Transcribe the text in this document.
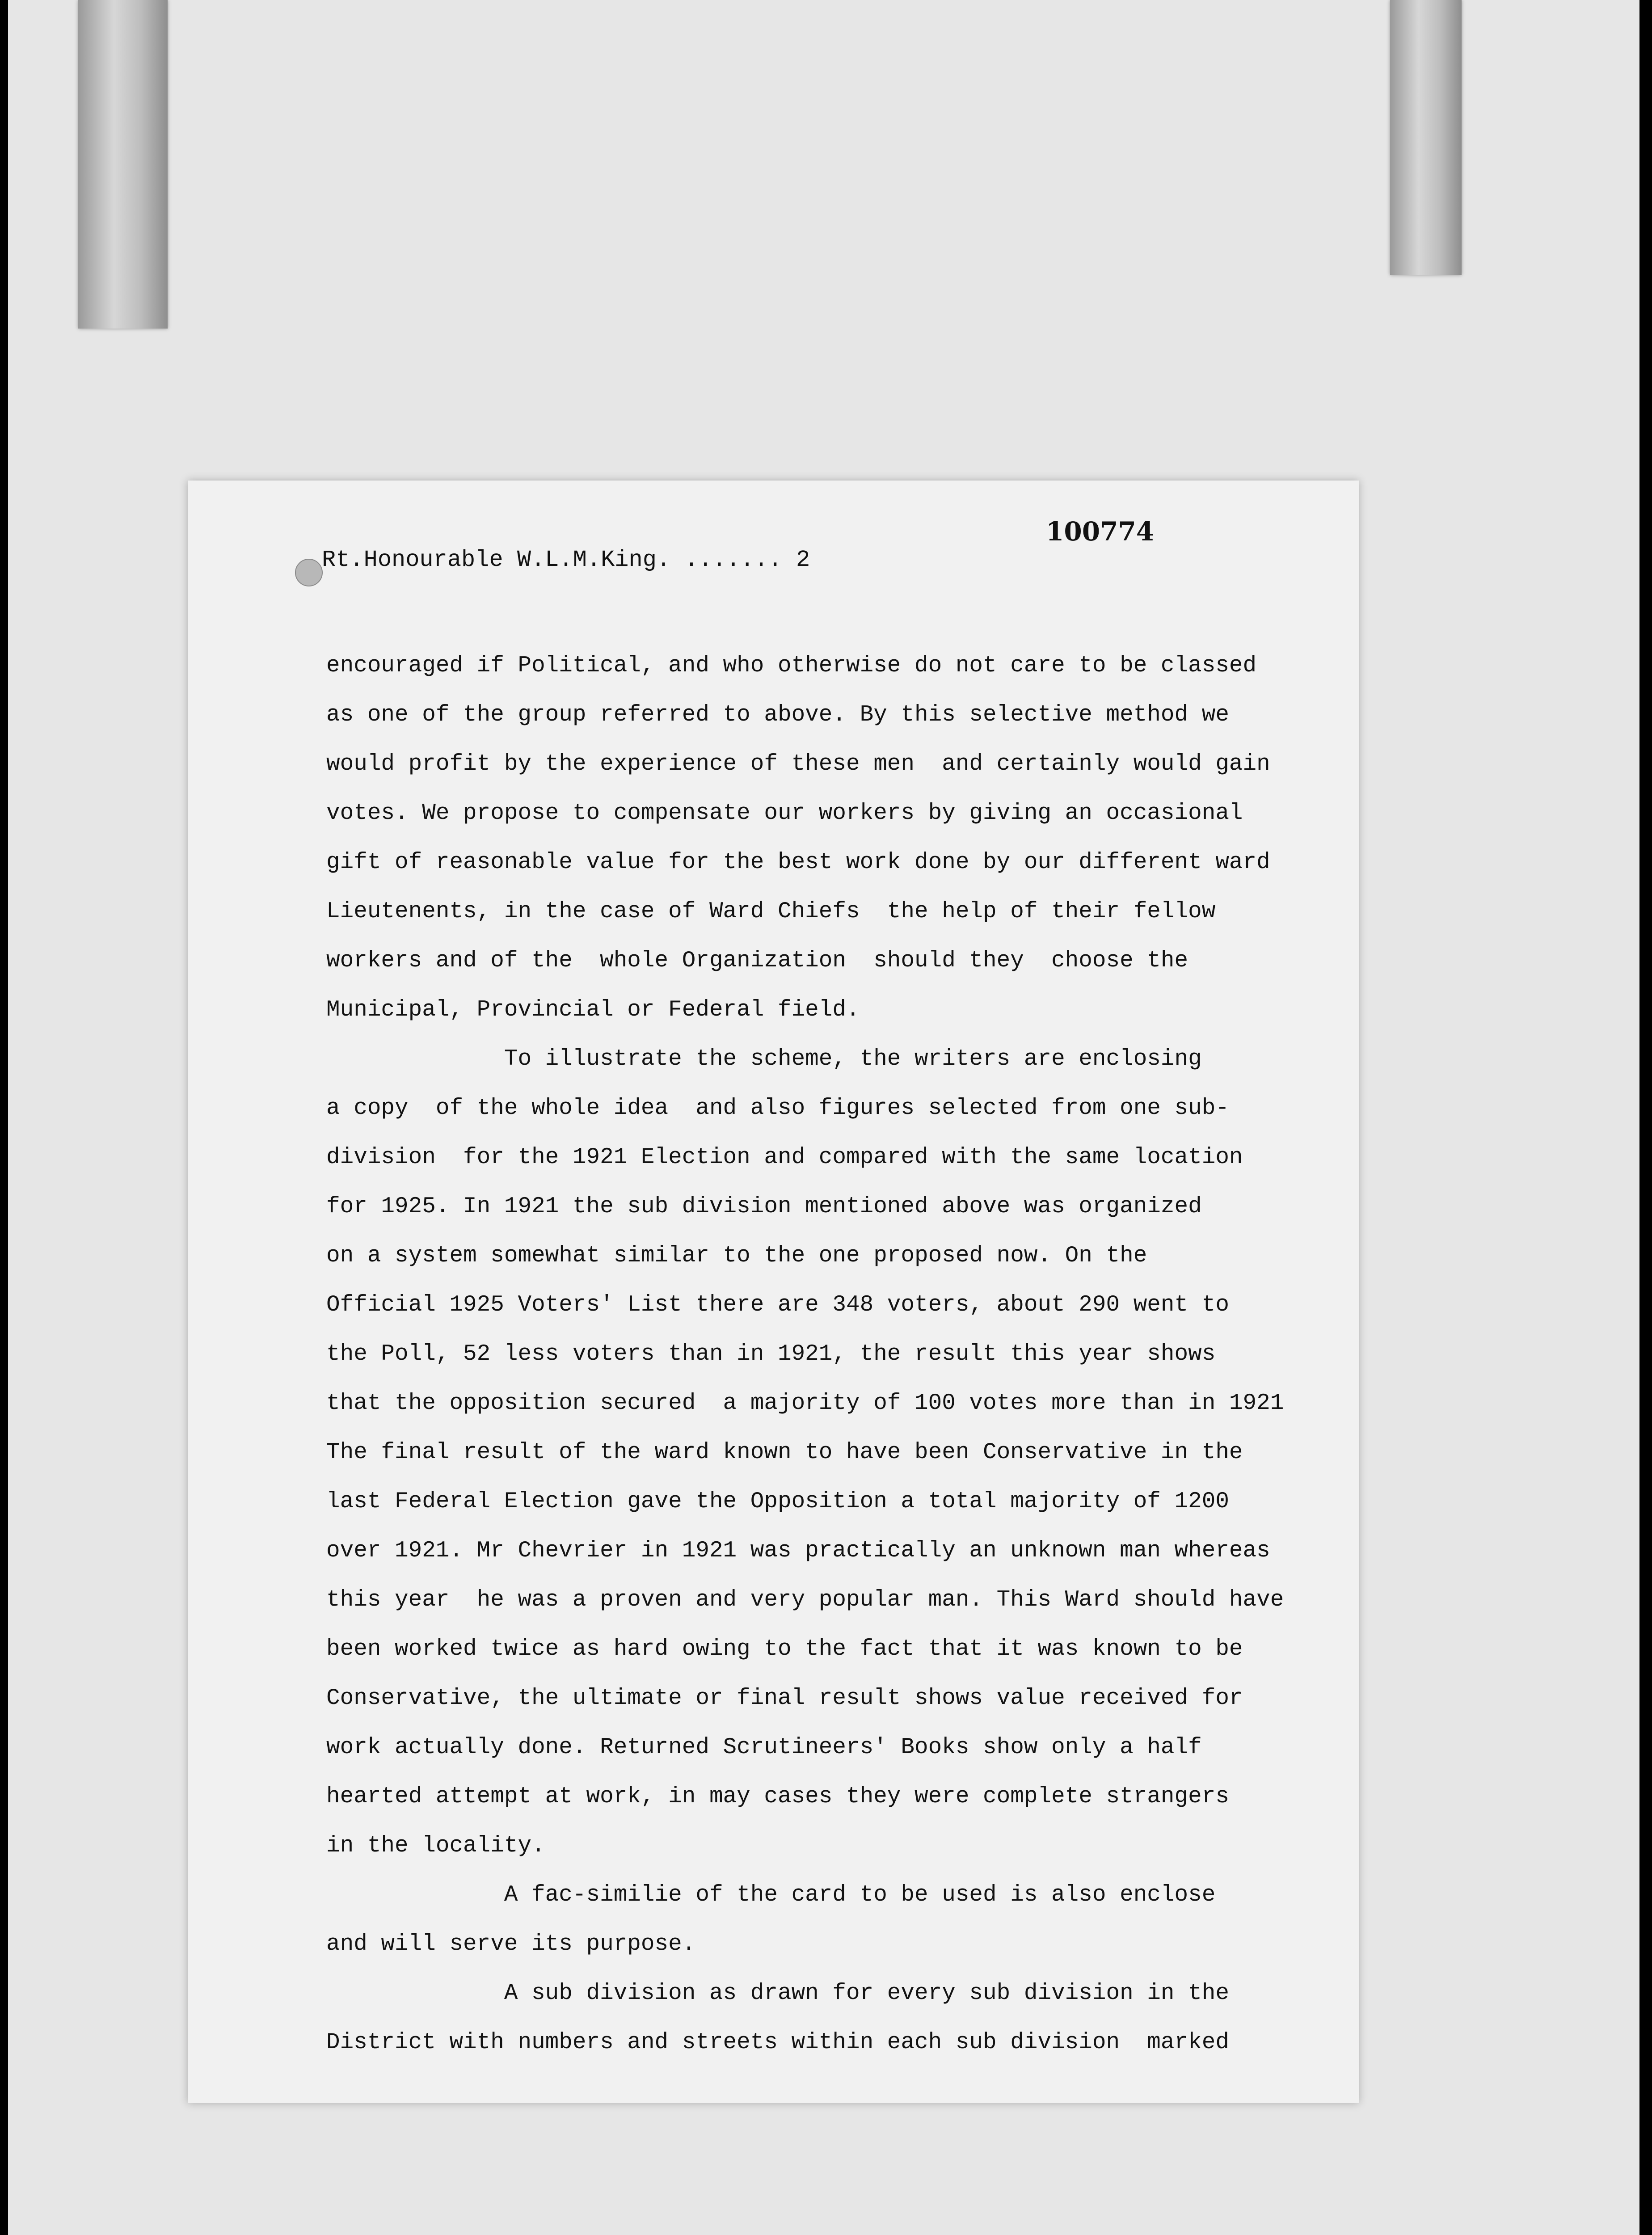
100774
Rt.Honourable W.L.M.King. ....... 2
encouraged if Political, and who otherwise do not care to be classed
as one of the group referred to above. By this selective method we
would profit by the experience of these men  and certainly would gain
votes. We propose to compensate our workers by giving an occasional
gift of reasonable value for the best work done by our different ward
Lieutenents, in the case of Ward Chiefs  the help of their fellow
workers and of the  whole Organization  should they  choose the
Municipal, Provincial or Federal field.
To illustrate the scheme, the writers are enclosing
a copy  of the whole idea  and also figures selected from one sub-
division  for the 1921 Election and compared with the same location
for 1925. In 1921 the sub division mentioned above was organized
on a system somewhat similar to the one proposed now. On the
Official 1925 Voters' List there are 348 voters, about 290 went to
the Poll, 52 less voters than in 1921, the result this year shows
that the opposition secured  a majority of 100 votes more than in 1921
The final result of the ward known to have been Conservative in the
last Federal Election gave the Opposition a total majority of 1200
over 1921. Mr Chevrier in 1921 was practically an unknown man whereas
this year  he was a proven and very popular man. This Ward should have
been worked twice as hard owing to the fact that it was known to be
Conservative, the ultimate or final result shows value received for
work actually done. Returned Scrutineers' Books show only a half
hearted attempt at work, in may cases they were complete strangers
in the locality.
A fac-similie of the card to be used is also enclose
and will serve its purpose.
A sub division as drawn for every sub division in the
District with numbers and streets within each sub division  marked
